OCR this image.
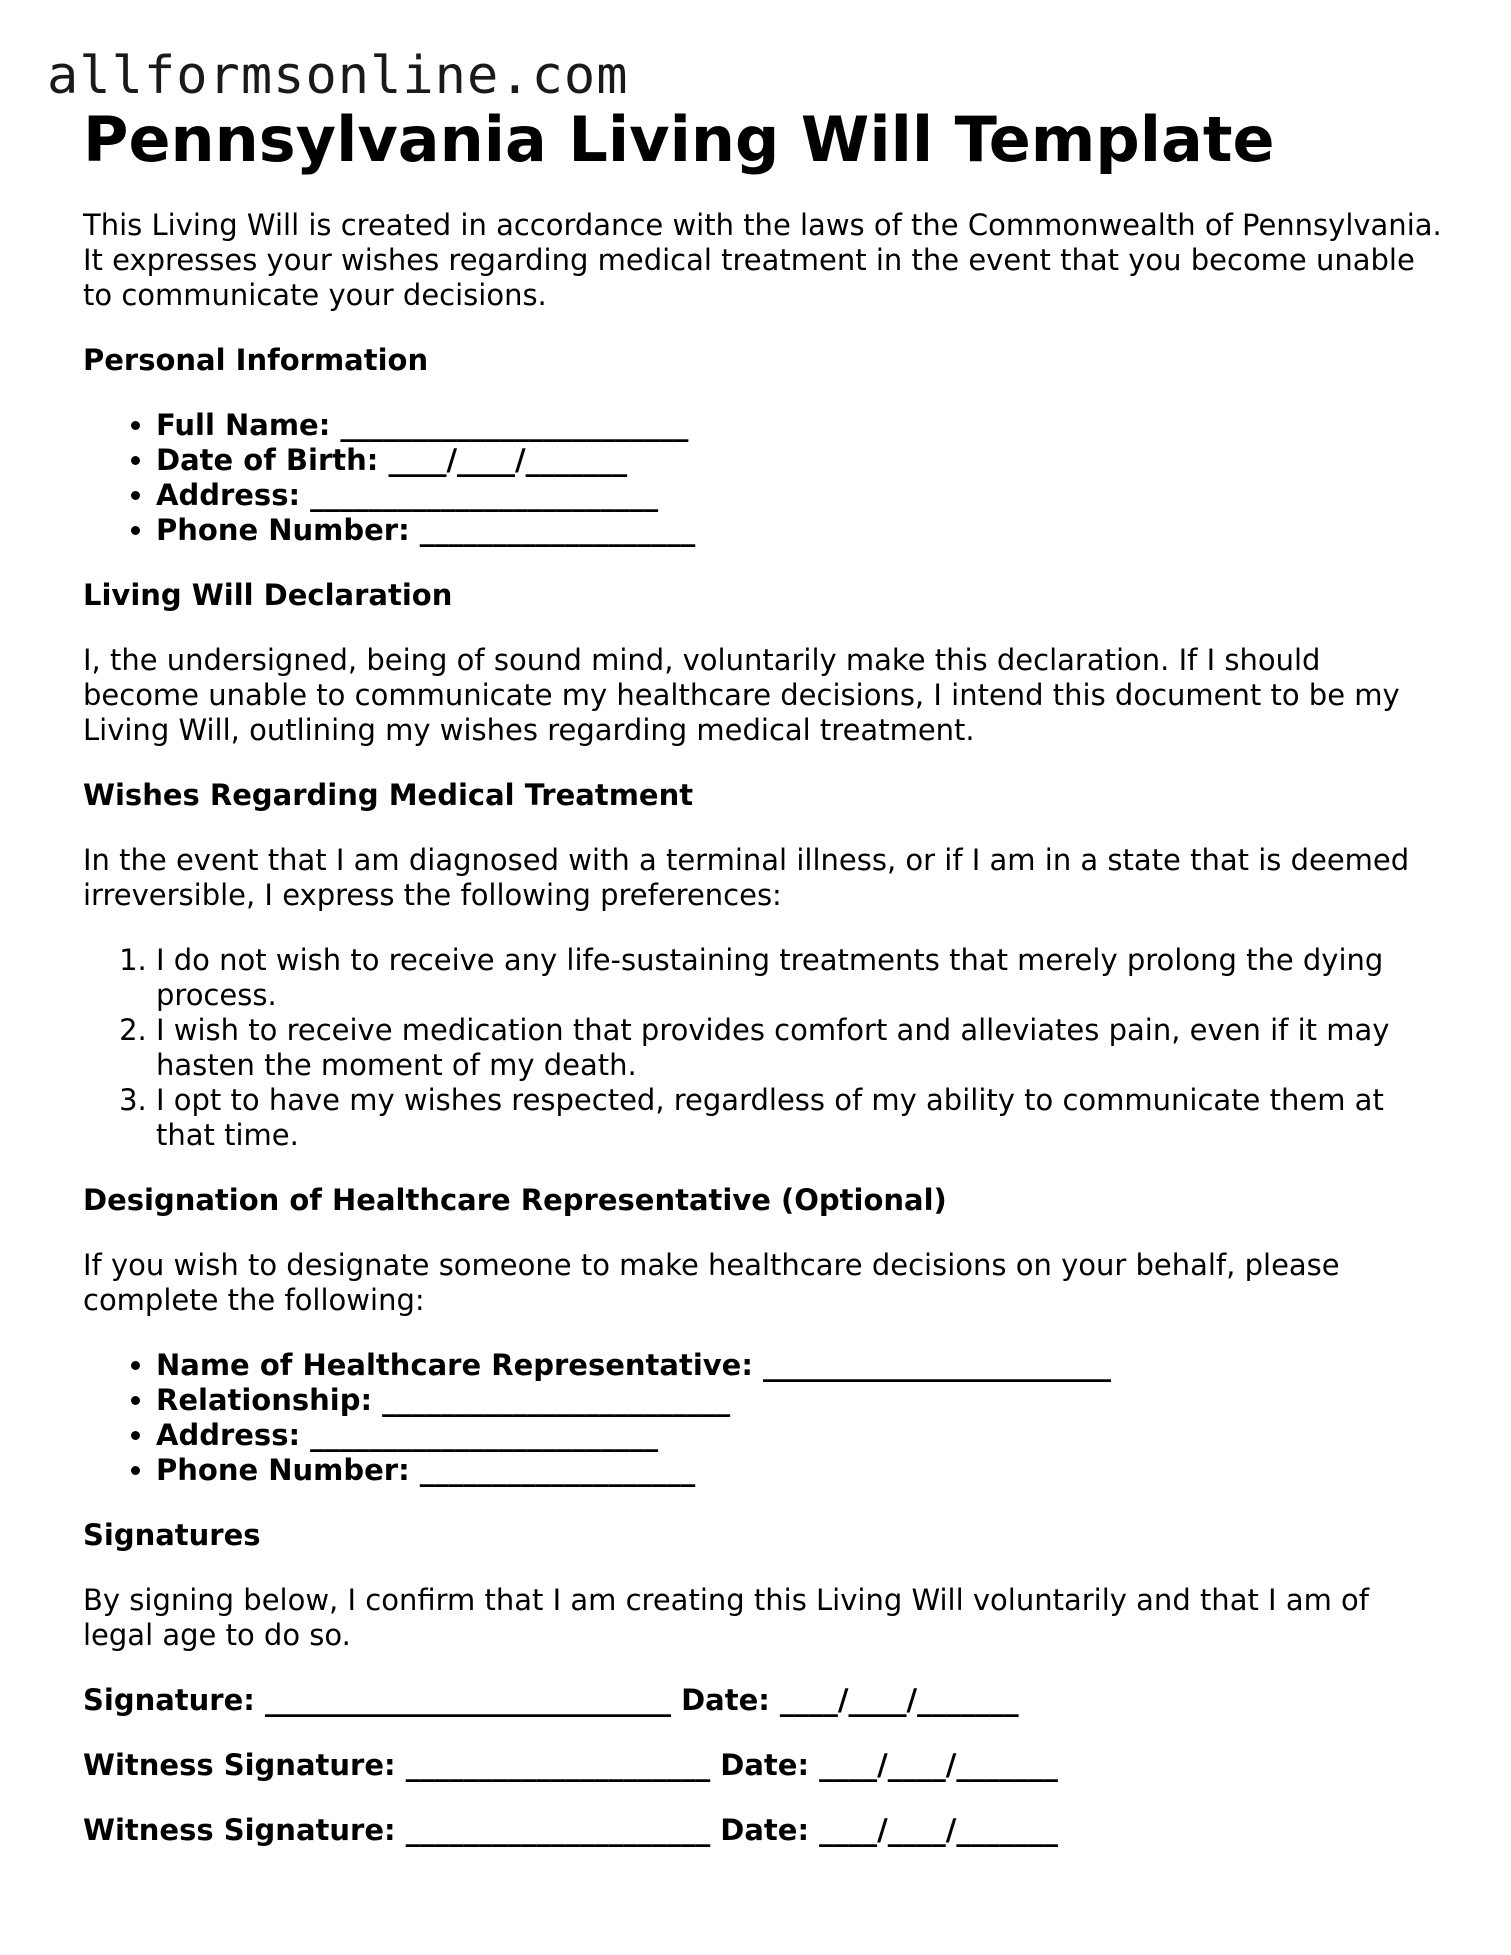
allformsonline.com
Pennsylvania Living Will Template

This Living Will is created in accordance with the laws of the Commonwealth of Pennsylvania. It expresses your wishes regarding medical treatment in the event that you become unable to communicate your decisions.

Personal Information
• Full Name: ________________________
• Date of Birth: ____/____/_______
• Address: ________________________
• Phone Number: ___________________
Living Will Declaration

I, the undersigned, being of sound mind, voluntarily make this declaration. If I should become unable to communicate my healthcare decisions, I intend this document to be my Living Will, outlining my wishes regarding medical treatment.

Wishes Regarding Medical Treatment

In the event that I am diagnosed with a terminal illness, or if I am in a state that is deemed irreversible, I express the following preferences:

1. I do not wish to receive any life-sustaining treatments that merely prolong the dying process.
2. I wish to receive medication that provides comfort and alleviates pain, even if it may hasten the moment of my death.
3. I opt to have my wishes respected, regardless of my ability to communicate them at that time.
Designation of Healthcare Representative (Optional)

If you wish to designate someone to make healthcare decisions on your behalf, please complete the following:

• Name of Healthcare Representative: ________________________
• Relationship: ________________________
• Address: ________________________
• Phone Number: ___________________
Signatures

By signing below, I confirm that I am creating this Living Will voluntarily and that I am of legal age to do so.

Signature: ____________________________ Date: ____/____/_______
Witness Signature: _____________________ Date: ____/____/_______
Witness Signature: _____________________ Date: ____/____/_______
